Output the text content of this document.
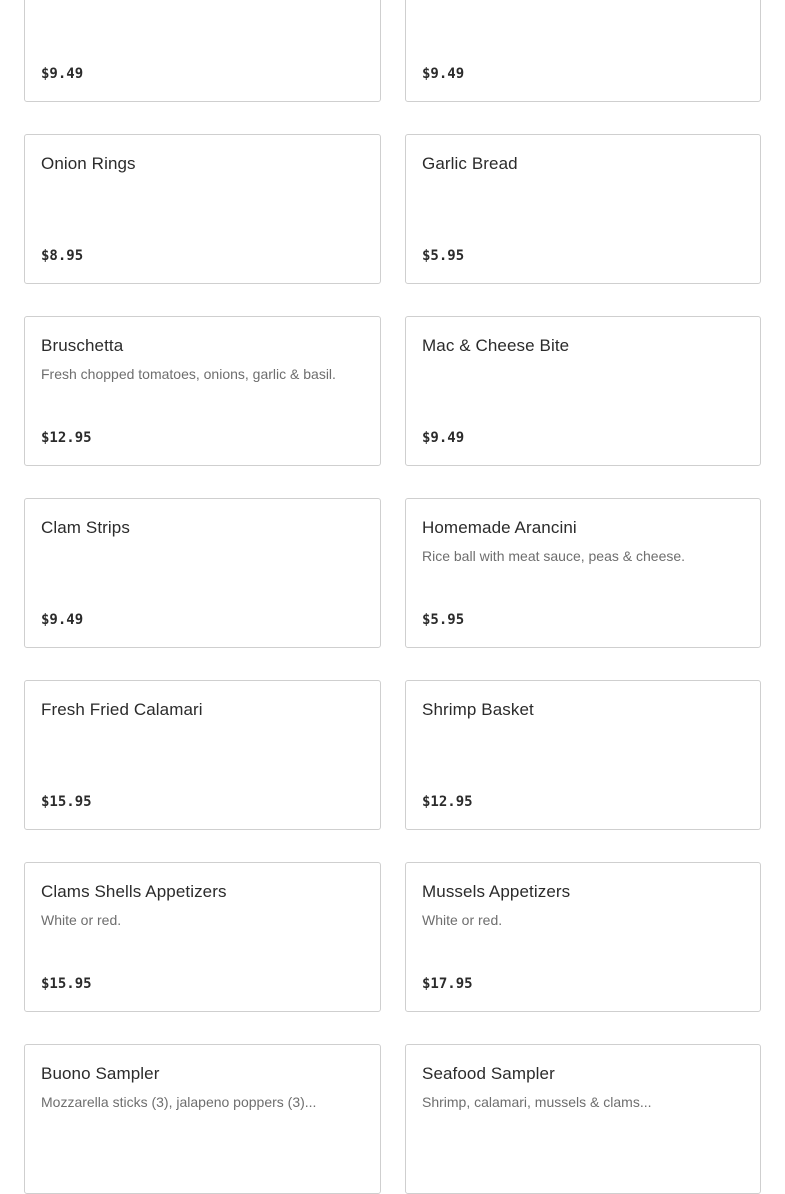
$9.49	$9.49
Onion Rings
$8.95
Garlic Bread
$5.95
Bruschetta
Fresh chopped tomatoes, onions, garlic & basil.
$12.95
Mac & Cheese Bite
$9.49
Clam Strips
$9.49
Homemade Arancini
Rice ball with meat sauce, peas & cheese.
$5.95
Fresh Fried Calamari
$15.95
Shrimp Basket
$12.95
Clams Shells Appetizers
White or red.
$15.95
Mussels Appetizers
White or red.
$17.95
Buono Sampler
Mozzarella sticks (3), jalapeno poppers (3)...
Seafood Sampler
Shrimp, calamari, mussels & clams...
